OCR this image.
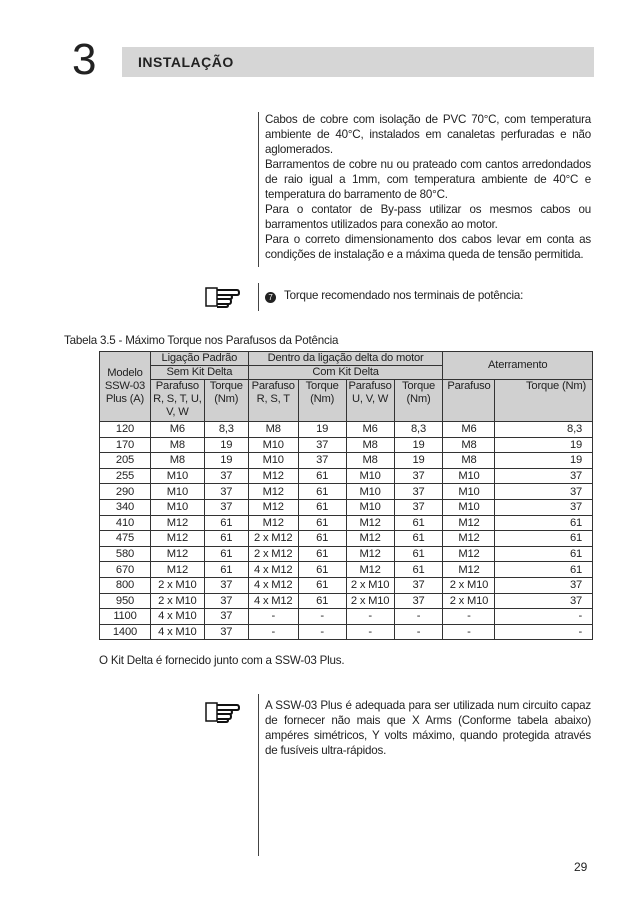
3	INSTALAÇÃO
Cabos de cobre com isolação de PVC 70°C, com temperatura ambiente de 40°C, instalados em canaletas perfuradas e não aglomerados.
Barramentos de cobre nu ou prateado com cantos arredondados de raio igual a 1mm, com temperatura ambiente de 40°C e temperatura do barramento de 80°C.
Para o contator de By-pass utilizar os mesmos cabos ou barramentos utilizados para conexão ao motor.
Para o correto dimensionamento dos cabos levar em conta as condições de instalação e a máxima queda de tensão permitida.
7 Torque recomendado nos terminais de potência:
Tabela 3.5 - Máximo Torque nos Parafusos da Potência
Modelo SSW-03 Plus (A)	Ligação Padrão		Dentro da ligação delta do motor				Aterramento	
	Sem Kit Delta		Com Kit Delta					
	Parafuso R, S, T, U, V, W	Torque (Nm)	Parafuso R, S, T	Torque (Nm)	Parafuso U, V, W	Torque (Nm)	Parafuso	Torque (Nm)
120	M6	8,3	M8	19	M6	8,3	M6	8,3
170	M8	19	M10	37	M8	19	M8	19
205	M8	19	M10	37	M8	19	M8	19
255	M10	37	M12	61	M10	37	M10	37
290	M10	37	M12	61	M10	37	M10	37
340	M10	37	M12	61	M10	37	M10	37
410	M12	61	M12	61	M12	61	M12	61
475	M12	61	2 x M12	61	M12	61	M12	61
580	M12	61	2 x M12	61	M12	61	M12	61
670	M12	61	4 x M12	61	M12	61	M12	61
800	2 x M10	37	4 x M12	61	2 x M10	37	2 x M10	37
950	2 x M10	37	4 x M12	61	2 x M10	37	2 x M10	37
1100	4 x M10	37	-	-	-	-	-	-
1400	4 x M10	37	-	-	-	-	-	-
O Kit Delta é fornecido junto com a SSW-03 Plus.
A SSW-03 Plus é adequada para ser utilizada num circuito capaz de fornecer não mais que X Arms (Conforme tabela abaixo) ampéres simétricos, Y volts máximo, quando protegida através de fusíveis ultra-rápidos.
29
